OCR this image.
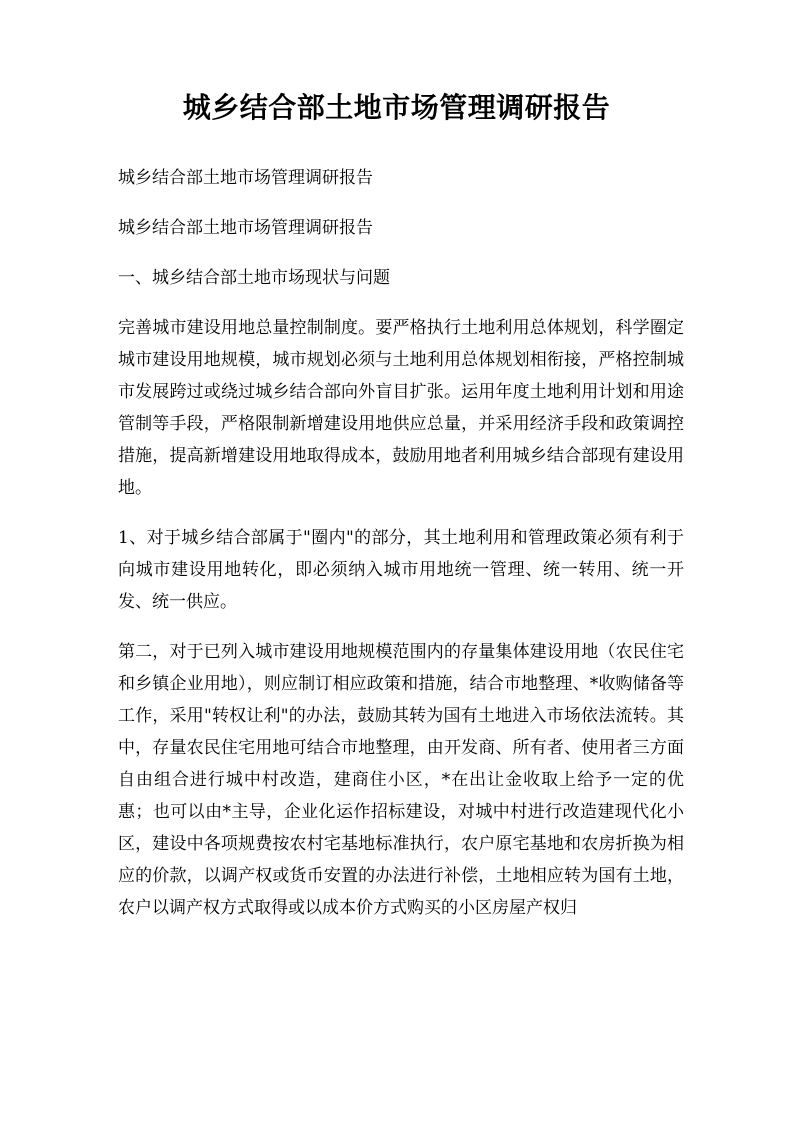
城乡结合部土地市场管理调研报告

城乡结合部土地市场管理调研报告

城乡结合部土地市场管理调研报告

一、城乡结合部土地市场现状与问题

完善城市建设用地总量控制制度。要严格执行土地利用总体规划，科学圈定城市建设用地规模，城市规划必须与土地利用总体规划相衔接，严格控制城市发展跨过或绕过城乡结合部向外盲目扩张。运用年度土地利用计划和用途管制等手段，严格限制新增建设用地供应总量，并采用经济手段和政策调控措施，提高新增建设用地取得成本，鼓励用地者利用城乡结合部现有建设用地。

1、对于城乡结合部属于"圈内"的部分，其土地利用和管理政策必须有利于向城市建设用地转化，即必须纳入城市用地统一管理、统一转用、统一开发、统一供应。

第二，对于已列入城市建设用地规模范围内的存量集体建设用地（农民住宅和乡镇企业用地），则应制订相应政策和措施，结合市地整理、*收购储备等工作，采用"转权让利"的办法，鼓励其转为国有土地进入市场依法流转。其中，存量农民住宅用地可结合市地整理，由开发商、所有者、使用者三方面自由组合进行城中村改造，建商住小区，*在出让金收取上给予一定的优惠；也可以由*主导，企业化运作招标建设，对城中村进行改造建现代化小区，建设中各项规费按农村宅基地标准执行，农户原宅基地和农房折换为相应的价款，以调产权或货币安置的办法进行补偿，土地相应转为国有土地，农户以调产权方式取得或以成本价方式购买的小区房屋产权归
